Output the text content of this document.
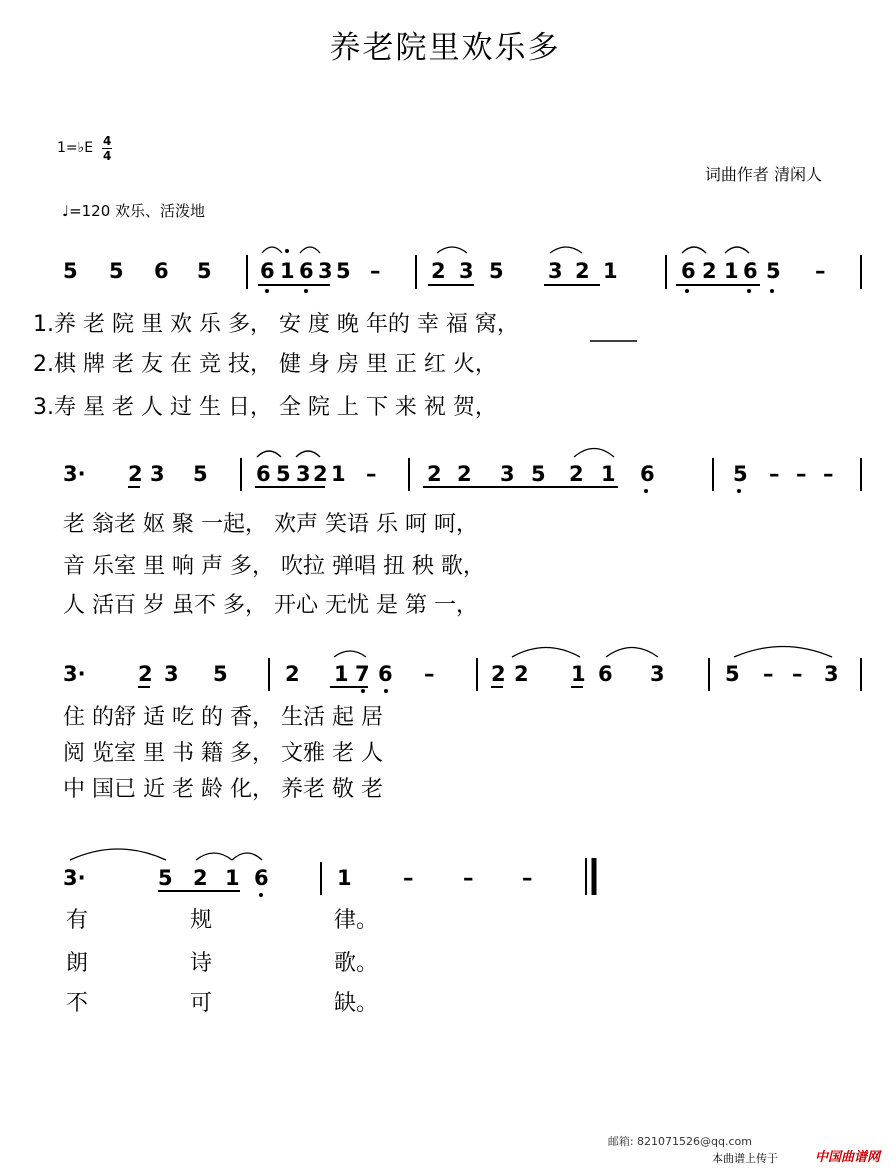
养老院里欢乐多
1=♭E 4
4
词曲作者 清闲人
♩=120 欢乐、活泼地
5 5 6 5 6 1 6 3 5 – 2 3 5 3 2 1	6 2 1 6 5 –
1.养 老 院 里 欢 乐 多， 安 度 晚 年的 幸 福 窝，
2.棋 牌 老 友 在 竞 技， 健 身 房 里 正 红 火，
3.寿 星 老 人 过 生 日， 全 院 上 下 来 祝 贺，
3· 2 3 5 6 5 3 2 1 – 2 2 3 5 2 1 6	5 – – –
老 翁老 妪 聚 一起， 欢声 笑语 乐 呵 呵，
音 乐室 里 响 声 多， 吹拉 弹唱 扭 秧 歌，
人 活百 岁 虽不 多， 开心 无忧 是 第 一，
3· 2 3 5	2 1 7 6 –	2 2 1 6 3	5 – – 3
住 的舒 适 吃 的 香， 生活 起 居
阅 览室 里 书 籍 多， 文雅 老 人
中 国已 近 老 龄 化， 养老 敬 老
3·	5 2 1 6	1 – – –
有	规	律。
朗	诗	歌。
不	可	缺。
邮箱: 821071526@qq.com
本曲谱上传于	中国曲谱网
